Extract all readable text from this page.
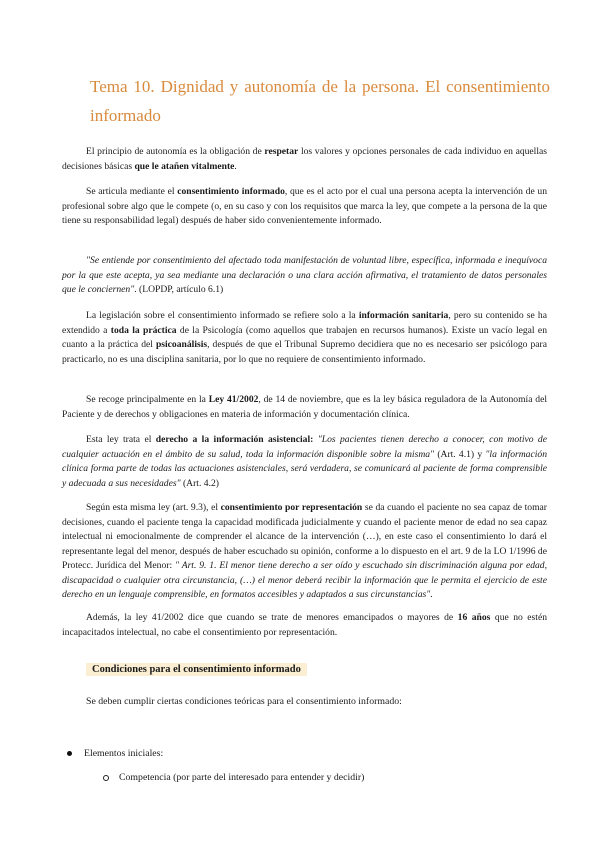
Tema 10. Dignidad y autonomía de la persona. El consentimiento informado

El principio de autonomía es la obligación de respetar los valores y opciones personales de cada individuo en aquellas decisiones básicas que le atañen vitalmente.

Se articula mediante el consentimiento informado, que es el acto por el cual una persona acepta la intervención de un profesional sobre algo que le compete (o, en su caso y con los requisitos que marca la ley, que compete a la persona de la que tiene su responsabilidad legal) después de haber sido convenientemente informado.

"Se entiende por consentimiento del afectado toda manifestación de voluntad libre, específica, informada e inequívoca por la que este acepta, ya sea mediante una declaración o una clara acción afirmativa, el tratamiento de datos personales que le conciernen". (LOPDP, artículo 6.1)

La legislación sobre el consentimiento informado se refiere solo a la información sanitaria, pero su contenido se ha extendido a toda la práctica de la Psicología (como aquellos que trabajen en recursos humanos). Existe un vacío legal en cuanto a la práctica del psicoanálisis, después de que el Tribunal Supremo decidiera que no es necesario ser psicólogo para practicarlo, no es una disciplina sanitaria, por lo que no requiere de consentimiento informado.

Se recoge principalmente en la Ley 41/2002, de 14 de noviembre, que es la ley básica reguladora de la Autonomía del Paciente y de derechos y obligaciones en materia de información y documentación clínica.

Esta ley trata el derecho a la información asistencial: "Los pacientes tienen derecho a conocer, con motivo de cualquier actuación en el ámbito de su salud, toda la información disponible sobre la misma" (Art. 4.1) y "la información clínica forma parte de todas las actuaciones asistenciales, será verdadera, se comunicará al paciente de forma comprensible y adecuada a sus necesidades" (Art. 4.2)

Según esta misma ley (art. 9.3), el consentimiento por representación se da cuando el paciente no sea capaz de tomar decisiones, cuando el paciente tenga la capacidad modificada judicialmente y cuando el paciente menor de edad no sea capaz intelectual ni emocionalmente de comprender el alcance de la intervención (…), en este caso el consentimiento lo dará el representante legal del menor, después de haber escuchado su opinión, conforme a lo dispuesto en el art. 9 de la LO 1/1996 de Protecc. Jurídica del Menor: " Art. 9. 1. El menor tiene derecho a ser oído y escuchado sin discriminación alguna por edad, discapacidad o cualquier otra circunstancia, (…) el menor deberá recibir la información que le permita el ejercicio de este derecho en un lenguaje comprensible, en formatos accesibles y adaptados a sus circunstancias".

Además, la ley 41/2002 dice que cuando se trate de menores emancipados o mayores de 16 años que no estén incapacitados intelectual, no cabe el consentimiento por representación.

Condiciones para el consentimiento informado
Se deben cumplir ciertas condiciones teóricas para el consentimiento informado:
Elementos iniciales:
Competencia (por parte del interesado para entender y decidir)
